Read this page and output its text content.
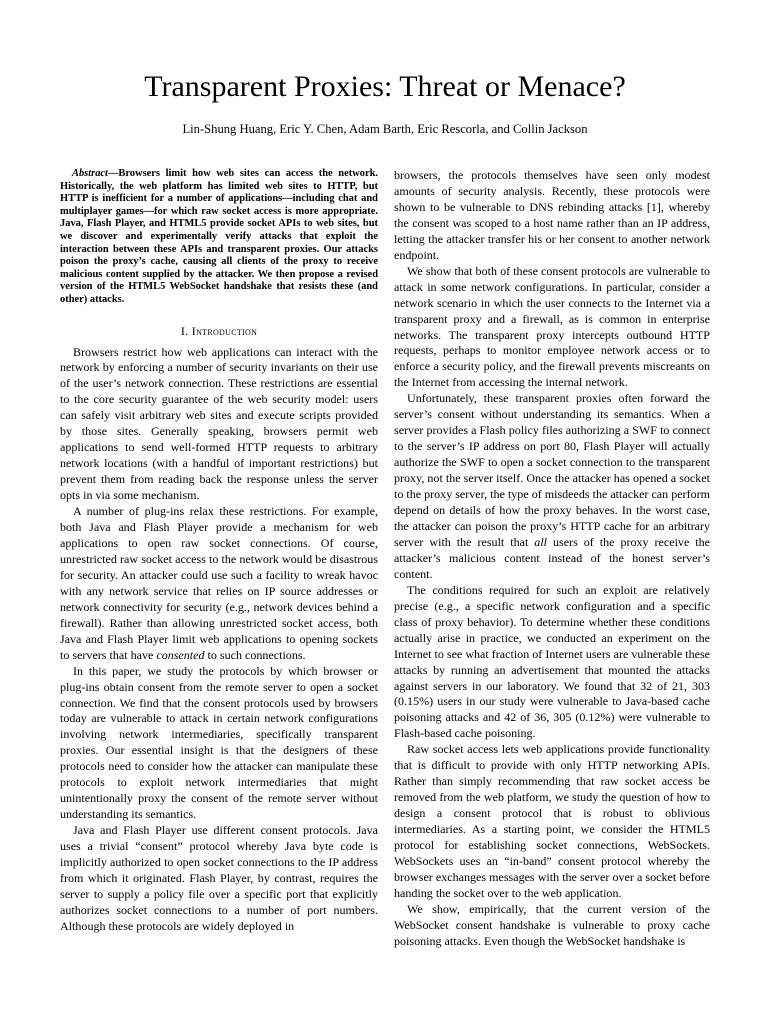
Transparent Proxies: Threat or Menace?
Lin-Shung Huang, Eric Y. Chen, Adam Barth, Eric Rescorla, and Collin Jackson

Abstract—Browsers limit how web sites can access the network. Historically, the web platform has limited web sites to HTTP, but HTTP is inefficient for a number of applications—including chat and multiplayer games—for which raw socket access is more appropriate. Java, Flash Player, and HTML5 provide socket APIs to web sites, but we discover and experimentally verify attacks that exploit the interaction between these APIs and transparent proxies. Our attacks poison the proxy’s cache, causing all clients of the proxy to receive malicious content supplied by the attacker. We then propose a revised version of the HTML5 WebSocket handshake that resists these (and other) attacks.

I. Introduction

Browsers restrict how web applications can interact with the network by enforcing a number of security invariants on their use of the user’s network connection. These restrictions are essential to the core security guarantee of the web security model: users can safely visit arbitrary web sites and execute scripts provided by those sites. Generally speaking, browsers permit web applications to send well-formed HTTP requests to arbitrary network locations (with a handful of important restrictions) but prevent them from reading back the response unless the server opts in via some mechanism.

A number of plug-ins relax these restrictions. For example, both Java and Flash Player provide a mechanism for web applications to open raw socket connections. Of course, unrestricted raw socket access to the network would be disastrous for security. An attacker could use such a facility to wreak havoc with any network service that relies on IP source addresses or network connectivity for security (e.g., network devices behind a firewall). Rather than allowing unrestricted socket access, both Java and Flash Player limit web applications to opening sockets to servers that have consented to such connections.

In this paper, we study the protocols by which browser or plug-ins obtain consent from the remote server to open a socket connection. We find that the consent protocols used by browsers today are vulnerable to attack in certain network configurations involving network intermediaries, specifically transparent proxies. Our essential insight is that the designers of these protocols need to consider how the attacker can manipulate these protocols to exploit network intermediaries that might unintentionally proxy the consent of the remote server without understanding its semantics.

Java and Flash Player use different consent protocols. Java uses a trivial “consent” protocol whereby Java byte code is implicitly authorized to open socket connections to the IP address from which it originated. Flash Player, by contrast, requires the server to supply a policy file over a specific port that explicitly authorizes socket connections to a number of port numbers. Although these protocols are widely deployed in

browsers, the protocols themselves have seen only modest amounts of security analysis. Recently, these protocols were shown to be vulnerable to DNS rebinding attacks [1], whereby the consent was scoped to a host name rather than an IP address, letting the attacker transfer his or her consent to another network endpoint.

We show that both of these consent protocols are vulnerable to attack in some network configurations. In particular, consider a network scenario in which the user connects to the Internet via a transparent proxy and a firewall, as is common in enterprise networks. The transparent proxy intercepts outbound HTTP requests, perhaps to monitor employee network access or to enforce a security policy, and the firewall prevents miscreants on the Internet from accessing the internal network.

Unfortunately, these transparent proxies often forward the server’s consent without understanding its semantics. When a server provides a Flash policy files authorizing a SWF to connect to the server’s IP address on port 80, Flash Player will actually authorize the SWF to open a socket connection to the transparent proxy, not the server itself. Once the attacker has opened a socket to the proxy server, the type of misdeeds the attacker can perform depend on details of how the proxy behaves. In the worst case, the attacker can poison the proxy’s HTTP cache for an arbitrary server with the result that all users of the proxy receive the attacker’s malicious content instead of the honest server’s content.

The conditions required for such an exploit are relatively precise (e.g., a specific network configuration and a specific class of proxy behavior). To determine whether these conditions actually arise in practice, we conducted an experiment on the Internet to see what fraction of Internet users are vulnerable these attacks by running an advertisement that mounted the attacks against servers in our laboratory. We found that 32 of 21, 303 (0.15%) users in our study were vulnerable to Java-based cache poisoning attacks and 42 of 36, 305 (0.12%) were vulnerable to Flash-based cache poisoning.

Raw socket access lets web applications provide functionality that is difficult to provide with only HTTP networking APIs. Rather than simply recommending that raw socket access be removed from the web platform, we study the question of how to design a consent protocol that is robust to oblivious intermediaries. As a starting point, we consider the HTML5 protocol for establishing socket connections, WebSockets. WebSockets uses an “in-band” consent protocol whereby the browser exchanges messages with the server over a socket before handing the socket over to the web application.

We show, empirically, that the current version of the WebSocket consent handshake is vulnerable to proxy cache poisoning attacks. Even though the WebSocket handshake is
